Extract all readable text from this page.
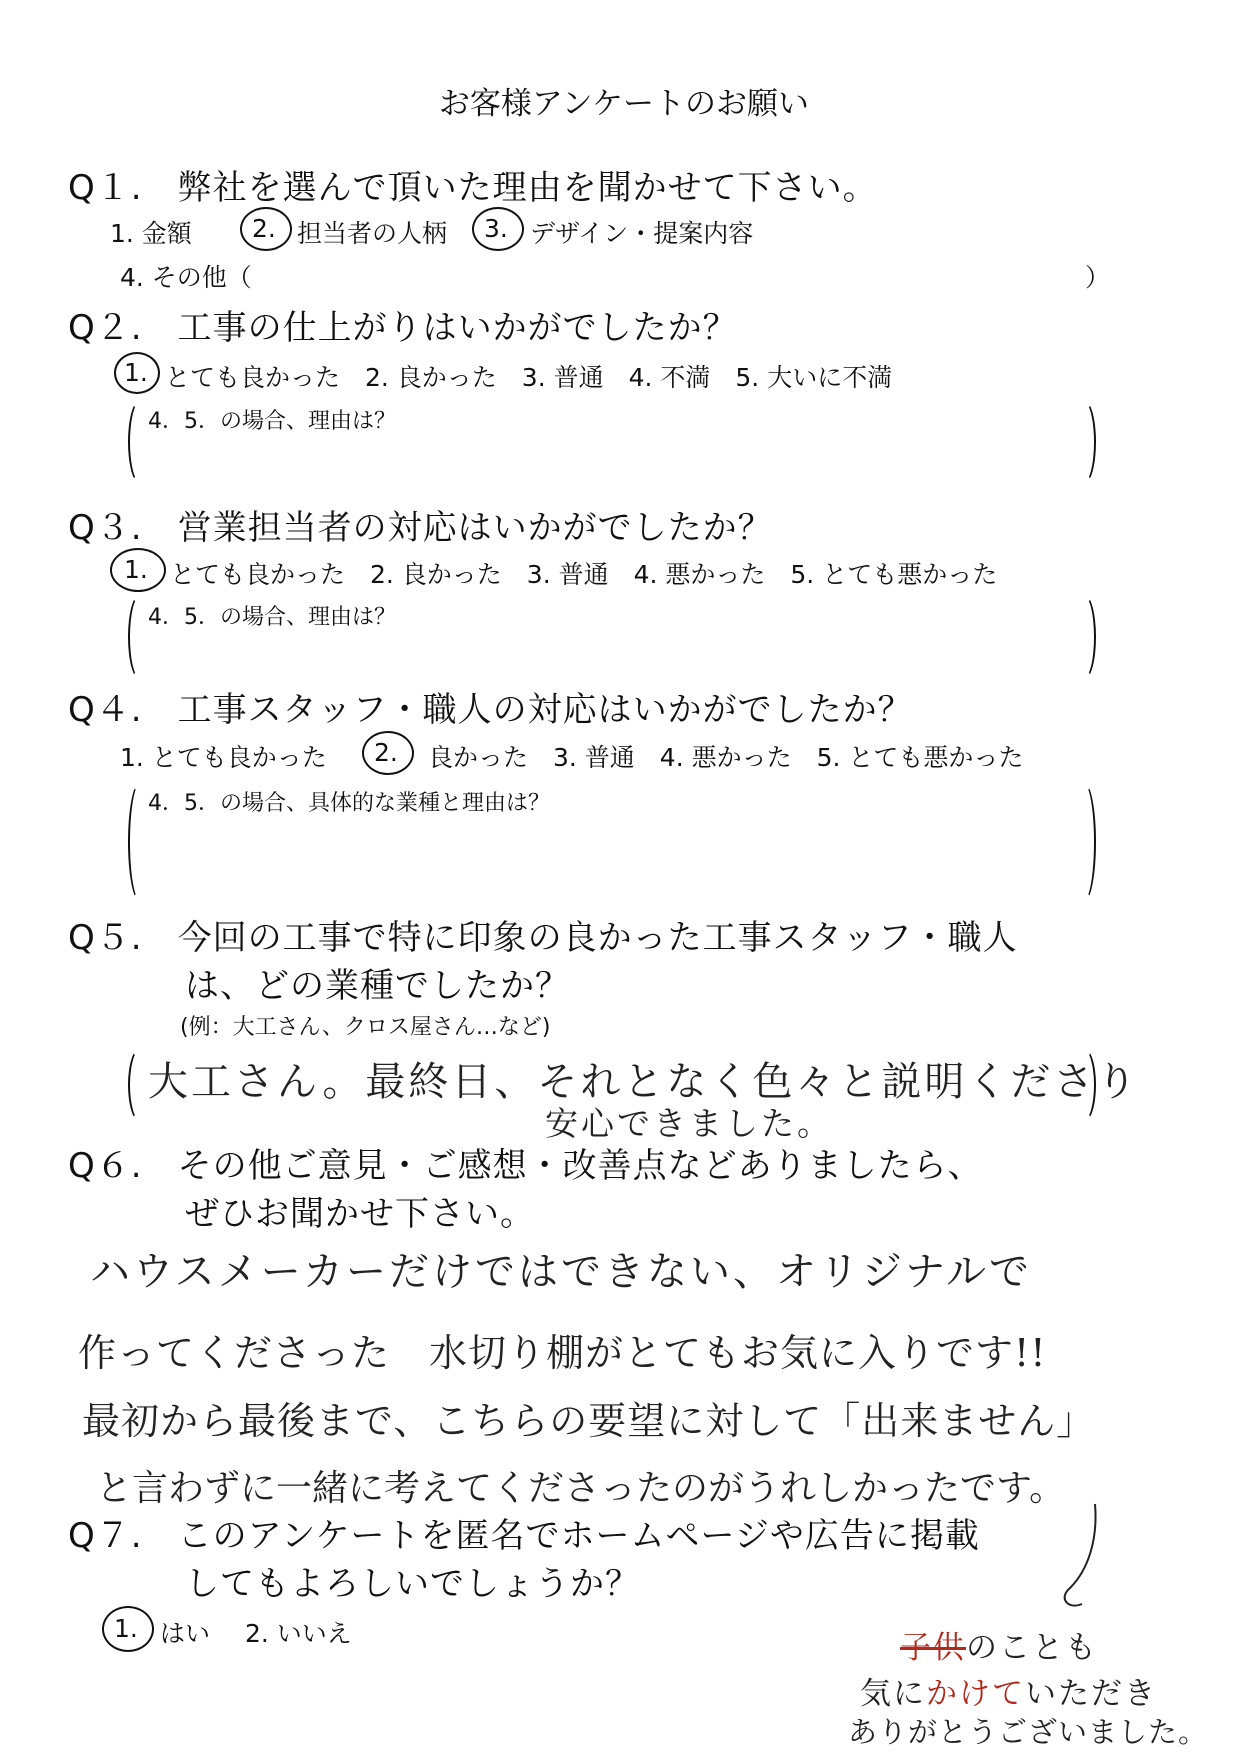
お客様アンケートのお願い
Q１.　弊社を選んで頂いた理由を聞かせて下さい。
1. 金額 2. 担当者の人柄 3. デザイン・提案内容
4. その他（	）
Q２.　工事の仕上がりはいかがでしたか？
1. とても良かった　2. 良かった　3. 普通　4. 不満　5. 大いに不満
4．5．の場合、理由は？
Q３.　営業担当者の対応はいかがでしたか？
1. とても良かった　2. 良かった　3. 普通　4. 悪かった　5. とても悪かった
4．5．の場合、理由は？
Q４.　工事スタッフ・職人の対応はいかがでしたか？
1. とても良かった 2. 良かった　3. 普通　4. 悪かった　5. とても悪かった
4．5．の場合、具体的な業種と理由は？
Q５.　今回の工事で特に印象の良かった工事スタッフ・職人
は、どの業種でしたか？
(例：大工さん、クロス屋さん…など)
大工さん。最終日、それとなく色々と説明くださり
安心できました。
Q６.　その他ご意見・ご感想・改善点などありましたら、
ぜひお聞かせ下さい。
ハウスメーカーだけではできない、オリジナルで
作ってくださった　水切り棚がとてもお気に入りです!!
最初から最後まで、こちらの要望に対して「出来ません」
と言わずに一緒に考えてくださったのがうれしかったです。
Q７.　このアンケートを匿名でホームページや広告に掲載
してもよろしいでしょうか？
1. はい 2. いいえ	子供のことも
気にかけていただき
ありがとうございました。
